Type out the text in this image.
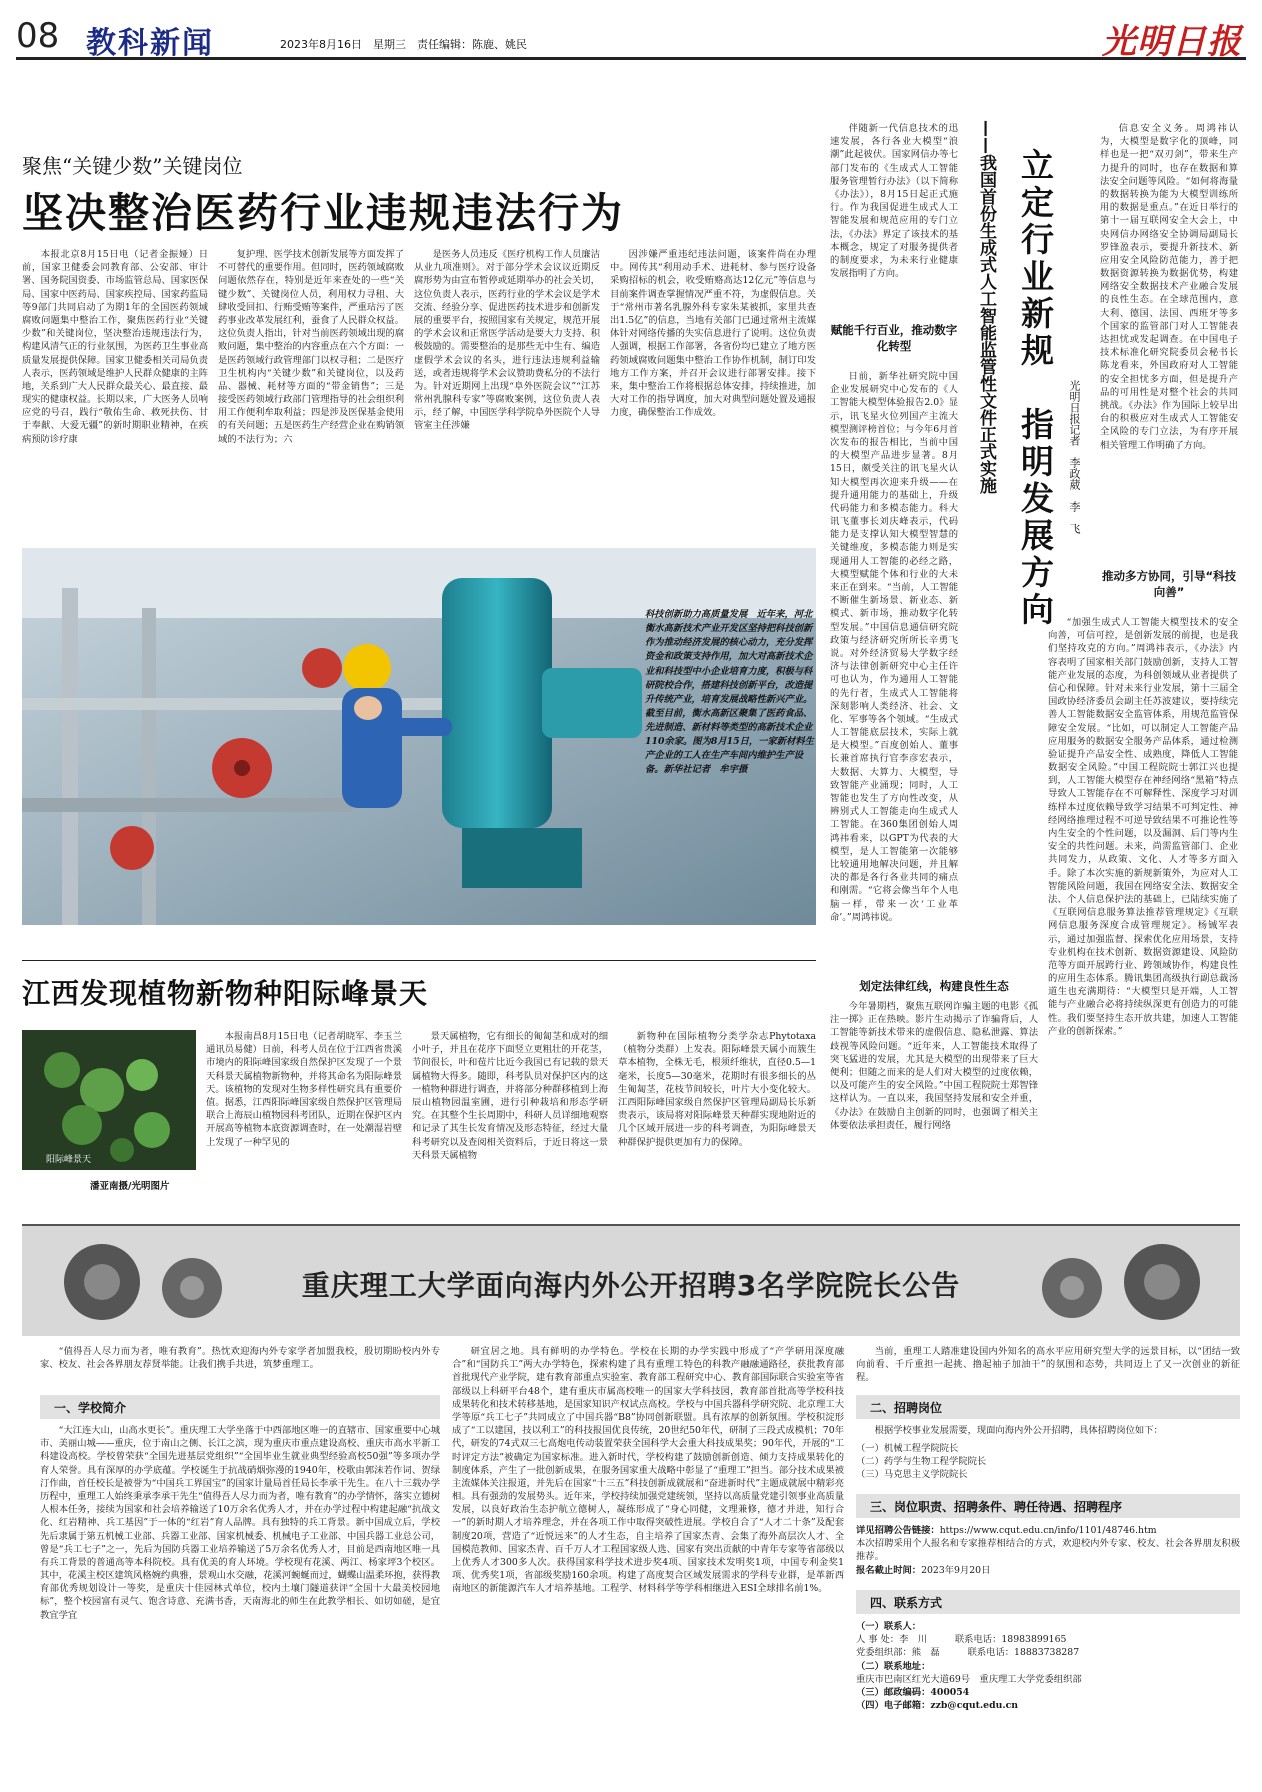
08 教科新闻	2023年8月16日　星期三　责任编辑：陈鹿、姚民	光明日报
聚焦“关键少数”关键岗位
坚决整治医药行业违规违法行为

本报北京8月15日电（记者金振娅）日前，国家卫健委会同教育部、公安部、审计署、国务院国资委、市场监管总局、国家医保局、国家中医药局、国家疾控局、国家药监局等9部门共同启动了为期1年的全国医药领域腐败问题集中整治工作，聚焦医药行业“关键少数”和关键岗位，坚决整治违规违法行为，构建风清气正的行业氛围，为医药卫生事业高质量发展提供保障。国家卫健委相关司局负责人表示，医药领域是维护人民群众健康的主阵地，关系到广大人民群众最关心、最直接、最现实的健康权益。长期以来，广大医务人员响应党的号召，践行“敬佑生命、救死扶伤、甘于奉献、大爱无疆”的新时期职业精神，在疾病预防诊疗康

复护理、医学技术创新发展等方面发挥了不可替代的重要作用。但同时，医药领域腐败问题依然存在，特别是近年来查处的一些“关键少数”、关键岗位人员，利用权力寻租、大肆收受回扣、行贿受贿等案件，严重玷污了医药事业改革发展红利，蚕食了人民群众权益。这位负责人指出，针对当前医药领域出现的腐败问题，集中整治的内容重点在六个方面：一是医药领域行政管理部门以权寻租；二是医疗卫生机构内“关键少数”和关键岗位，以及药品、器械、耗材等方面的“带金销售”；三是接受医药领域行政部门管理指导的社会组织利用工作便利牟取利益；四是涉及医保基金使用的有关问题；五是医药生产经营企业在购销领域的不法行为；六

是医务人员违反《医疗机构工作人员廉洁从业九项准则》。对于部分学术会议议近期反腐形势为由宣布暂停或延期举办的社会关切，这位负责人表示，医药行业的学术会议是学术交流、经验分享、促进医药技术进步和创新发展的重要平台，按照国家有关规定，规范开展的学术会议和正常医学活动是要大力支持、积极鼓励的。需要整治的是那些无中生有、编造虚假学术会议的名头，进行违法违规利益输送，或者违规将学术会议赞助费私分的不法行为。针对近期网上出现“阜外医院会议”“江苏常州乳腺科专家”等腐败案例，这位负责人表示，经了解，中国医学科学院阜外医院个人导管室主任涉嫌

因涉嫌严重违纪违法问题，该案件尚在办理中。网传其“利用动手术、进耗材、参与医疗设备采购招标的机会，收受贿赂高达12亿元”等信息与目前案件调查掌握情况严重不符，为虚假信息。关于“常州市著名乳腺外科专家朱某被抓，家里共查出1.5亿”的信息，当地有关部门已通过常州主流媒体针对网络传播的失实信息进行了说明。这位负责人强调，根据工作部署，各省份均已建立了地方医药领域腐败问题集中整治工作协作机制，制订印发地方工作方案，并召开会议进行部署安排。接下来，集中整治工作将根据总体安排，持续推进，加大对工作的指导调度，加大对典型问题处置及通报力度，确保整治工作成效。

科技创新助力高质量发展　近年来，河北衡水高新技术产业开发区坚持把科技创新作为推动经济发展的核心动力，充分发挥资金和政策支持作用，加大对高新技术企业和科技型中小企业培育力度，积极与科研院校合作，搭建科技创新平台，改造提升传统产业，培育发展战略性新兴产业。截至目前，衡水高新区聚集了医药食品、先进制造、新材料等类型的高新技术企业110余家。图为8月15日，一家新材料生产企业的工人在生产车间内维护生产设备。新华社记者　牟宇摄

伴随新一代信息技术的迅速发展，各行各业大模型“浪潮”此起彼伏。国家网信办等七部门发布的《生成式人工智能服务管理暂行办法》（以下简称《办法》），8月15日起正式施行。作为我国促进生成式人工智能发展和规范应用的专门立法，《办法》界定了该技术的基本概念，规定了对服务提供者的制度要求，为未来行业健康发展指明了方向。	立定行业新规　指明发展方向
——我国首份生成式人工智能监管性文件正式实施	光明日报记者　李政葳　李　飞
赋能千行百业，推动数字化转型

日前，新华社研究院中国企业发展研究中心发布的《人工智能大模型体验报告2.0》显示，讯飞星火位列国产主流大模型测评榜首位；与今年6月首次发布的报告相比，当前中国的大模型产品进步显著。8月15日，颇受关注的讯飞星火认知大模型再次迎来升级——在提升通用能力的基础上，升级代码能力和多模态能力。科大讯飞董事长刘庆峰表示，代码能力是支撑认知大模型智慧的关键维度，多模态能力则是实现通用人工智能的必经之路，大模型赋能个体和行业的大未来正在到来。“当前，人工智能不断催生新场景、新业态、新模式、新市场，推动数字化转型发展。”中国信息通信研究院政策与经济研究所所长辛勇飞说。对外经济贸易大学数字经济与法律创新研究中心主任许可也认为，作为通用人工智能的先行者，生成式人工智能将深刻影响人类经济、社会、文化、军事等各个领域。“生成式人工智能底层技术，实际上就是大模型。”百度创始人、董事长兼首席执行官李彦宏表示，大数据、大算力、大模型，导致智能产业涌现；同时，人工智能也发生了方向性改变，从辨别式人工智能走向生成式人工智能。在360集团创始人周鸿祎看来，以GPT为代表的大模型，是人工智能第一次能够比较通用地解决问题，并且解决的都是各行各业共同的痛点和刚需。“它将会像当年个人电脑一样，带来一次‘工业革命’。”周鸿祎说。

划定法律红线，构建良性生态

今年暑期档，聚焦互联网诈骗主题的电影《孤注一掷》正在热映。影片生动揭示了诈骗背后，人工智能等新技术带来的虚假信息、隐私泄露、算法歧视等风险问题。“近年来，人工智能技术取得了突飞猛进的发展，尤其是大模型的出现带来了巨大便利；但随之而来的是人们对大模型的过度依赖，以及可能产生的安全风险。”中国工程院院士郑智锋这样认为。一直以来，我国坚持发展和安全并重，《办法》在鼓励自主创新的同时，也强调了相关主体要依法承担责任，履行网络

信息安全义务。周鸿祎认为，大模型是数字化的顶峰，同样也是一把“双刃剑”，带来生产力提升的同时，也存在数据和算法安全问题等风险。“如何将海量的数据转换为能为大模型训练所用的数据是重点。”在近日举行的第十一届互联网安全大会上，中央网信办网络安全协调局副局长罗锋盈表示，要提升新技术、新应用安全风险防范能力，善于把数据资源转换为数据优势，构建网络安全数据技术产业融合发展的良性生态。在全球范围内，意大利、德国、法国、西班牙等多个国家的监管部门对人工智能表达担忧或发起调查。在中国电子技术标准化研究院委员会秘书长陈龙看来，外国政府对人工智能的安全担忧多方面，但是提升产品的可用性是对整个社会的共同挑战。《办法》作为国际上较早出台的积极应对生成式人工智能安全风险的专门立法，为有序开展相关管理工作明确了方向。

推动多方协同，引导“科技向善”

“加强生成式人工智能大模型技术的安全向善，可信可控，是创新发展的前提，也是我们坚持攻克的方向。”周鸿祎表示，《办法》内容表明了国家相关部门鼓励创新，支持人工智能产业发展的态度，为科创领域从业者提供了信心和保障。针对未来行业发展，第十三届全国政协经济委员会副主任苏波建议，要持续完善人工智能数据安全监管体系，用规范监管保障安全发展。“比如，可以制定人工智能产品应用服务的数据安全服务产品体系，通过检测验证提升产品安全性、成熟度，降低人工智能数据安全风险。”中国工程院院士郭江兴也提到，人工智能大模型存在神经网络“黑箱”特点导致人工智能存在不可解释性、深度学习对训练样本过度依赖导致学习结果不可判定性、神经网络推理过程不可逆导致结果不可推论性等内生安全的个性问题，以及漏洞、后门等内生安全的共性问题。未来，尚需监管部门、企业共同发力，从政策、文化、人才等多方面入手。除了本次实施的新规新策外，为应对人工智能风险问题，我国在网络安全法、数据安全法、个人信息保护法的基础上，已陆续实施了《互联网信息服务算法推荐管理规定》《互联网信息服务深度合成管理规定》。杨铖军表示，通过加强监督、探索优化应用场景，支持专业机构在技术创新、数据资源建设、风险防范等方面开展跨行业、跨领域协作，构建良性的应用生态体系。腾讯集团高级执行副总裁汤道生也充满期待：“大模型只是开端，人工智能与产业融合必将持续纵深更有创造力的可能性。我们要坚持生态开放共建，加速人工智能产业的创新探索。”

江西发现植物新物种阳际峰景天
阳际峰景天
潘亚南摄/光明图片

本报南昌8月15日电（记者胡晓军、李玉兰　通讯员易健）日前，科考人员在位于江西省贵溪市境内的阳际峰国家级自然保护区发现了一个景天科景天属植物新物种，并将其命名为阳际峰景天。该植物的发现对生物多样性研究具有重要价值。据悉，江西阳际峰国家级自然保护区管理局联合上海辰山植物园科考团队，近期在保护区内开展高等植物本底资源调查时，在一处潮湿岩壁上发现了一种罕见的

景天属植物，它有细长的匍匐茎和成对的细小叶子，并且在花序下面竖立更粗壮的开花茎，节间很长，叶和苞片比近今我国已有记载的景天属植物大得多。随即，科考队员对保护区内的这一植物种群进行调查，并将部分种群移植到上海辰山植物园温室圃，进行引种栽培和形态学研究。在其整个生长周期中，科研人员详细地观察和记录了其生长发育情况及形态特征，经过大量科考研究以及查阅相关资料后，于近日将这一景天科景天属植物

新物种在国际植物分类学杂志Phytotaxa（植物分类群）上发表。阳际峰景天属小而簇生草本植物，全株无毛，根须纤维状，直径0.5—1毫米，长度5—30毫米，花期时有很多细长的丛生匍匐茎，花枝节间较长，叶片大小变化较大。江西阳际峰国家级自然保护区管理局副局长乐新贵表示，该局将对阳际峰景天种群实现地附近的几个区域开展进一步的科考调查，为阳际峰景天种群保护提供更加有力的保障。

重庆理工大学面向海内外公开招聘3名学院院长公告

“值得吾人尽力而为者，唯有教育”。热忱欢迎海内外专家学者加盟我校，殷切期盼校内外专家、校友、社会各界朋友荐贤举能。让我们携手共进，筑梦重理工。

一、学校简介

“大江连大山，山高水更长”。重庆理工大学坐落于中西部地区唯一的直辖市、国家重要中心城市、美丽山城——重庆，位于南山之侧、长江之滨，现为重庆市重点建设高校、重庆市高水平新工科建设高校。学校曾荣获“全国先进基层党组织”“全国毕业生就业典型经验高校50强”等多项办学育人荣誉。具有深厚的办学底蕴。学校诞生于抗战硝烟弥漫的1940年，校歌由郭沫若作词、贺绿汀作曲，首任校长是被誉为“中国兵工界国宝”的国家计量局首任局长李承干先生。在八十三载办学历程中，重理工人始终秉承李承干先生“值得吾人尽力而为者，唯有教育”的办学情怀，落实立德树人根本任务，接续为国家和社会培养输送了10万余名优秀人才，并在办学过程中构建起融“抗战文化、红岩精神、兵工基因”于一体的“红岩”育人品牌。具有独特的兵工背景。新中国成立后，学校先后隶属于第五机械工业部、兵器工业部、国家机械委、机械电子工业部、中国兵器工业总公司，曾是“兵工七子”之一，先后为国防兵器工业培养输送了5万余名优秀人才，目前是西南地区唯一具有兵工背景的普通高等本科院校。具有优美的育人环境。学校现有花溪、两江、杨家坪3个校区。其中，花溪主校区建筑风格婉约典雅，景观山水交融，花溪河蜿蜒而过，蝴蝶山温柔环抱，获得教育部优秀规划设计一等奖，是重庆十佳园林式单位，校内土壤门隧道获评“全国十大最美校园地标”，整个校园富有灵气、饱含诗意、充满书香，天南海北的师生在此教学相长、如切如磋，是宜教宜学宜

研宜居之地。具有鲜明的办学特色。学校在长期的办学实践中形成了“产学研用深度融合”和“国防兵工”两大办学特色，探索构建了具有重理工特色的科教产融融通路径，获批教育部首批现代产业学院，建有教育部重点实验室、教育部工程研究中心、教育部国际联合实验室等省部级以上科研平台48个，建有重庆市属高校唯一的国家大学科技园，教育部首批高等学校科技成果转化和技术转移基地，是国家知识产权试点高校。学校与中国兵器科学研究院、北京理工大学等原“兵工七子”共同成立了中国兵器“B8”协同创新联盟。具有浓厚的创新氛围。学校积淀形成了“工以建国，技以利工”的科技报国优良传统，20世纪50年代，研制了三段式成模机；70年代，研发的74式双三七高炮电传动装置荣获全国科学大会重大科技成果奖；90年代，开展的“工时评定方法”被确定为国家标准。进入新时代，学校构建了鼓励创新创造、倾力支持成果转化的制度体系，产生了一批创新成果，在服务国家重大战略中彰显了“重理工”担当。部分技术成果被主流媒体关注报道，并先后在国家“十三五”科技创新成就展和“奋进新时代”主题成就展中精彩亮相。具有强劲的发展势头。近年来，学校持续加强党建统领，坚持以高质量党建引领事业高质量发展，以良好政治生态护航立德树人，凝练形成了“身心同健，文理兼修，德才并进，知行合一”的新时期人才培养理念，并在各项工作中取得突破性进展。学校自合了“人才二十条”及配套制度20项，营造了“近悦远来”的人才生态，自主培养了国家杰青、会集了海外高层次人才、全国模范教师、国家杰青、百千万人才工程国家级人选、国家有突出贡献的中青年专家等省部级以上优秀人才300多人次。获得国家科学技术进步奖4项、国家技术发明奖1项，中国专利金奖1项、优秀奖1项，省部级奖励160余项。构建了高度契合区域发展需求的学科专业群，是革新西南地区的新能源汽车人才培养基地。工程学、材料科学等学科相继进入ESI全球排名前1%。

当前，重理工人踏准建设国内外知名的高水平应用研究型大学的远景目标，以“团结一致向前看、千斤重担一起挑、撸起袖子加油干”的氛围和态势，共同迈上了又一次创业的新征程。

二、招聘岗位

根据学校事业发展需要，现面向海内外公开招聘，具体招聘岗位如下：

（一）机械工程学院院长
（二）药学与生物工程学院院长
（三）马克思主义学院院长
三、岗位职责、招聘条件、聘任待遇、招聘程序
详见招聘公告链接：https://www.cqut.edu.cn/info/1101/48746.htm
本次招聘采用个人报名和专家推荐相结合的方式，欢迎校内外专家、校友、社会各界朋友积极推荐。
报名截止时间：2023年9月20日
四、联系方式
（一）联系人：
人 事 处：李　川　　　联系电话：18983899165
党委组织部：熊　磊　　　联系电话：18883738287
（二）联系地址：
重庆市巴南区红光大道69号　重庆理工大学党委组织部
（三）邮政编码：400054
（四）电子邮箱：zzb@cqut.edu.cn
